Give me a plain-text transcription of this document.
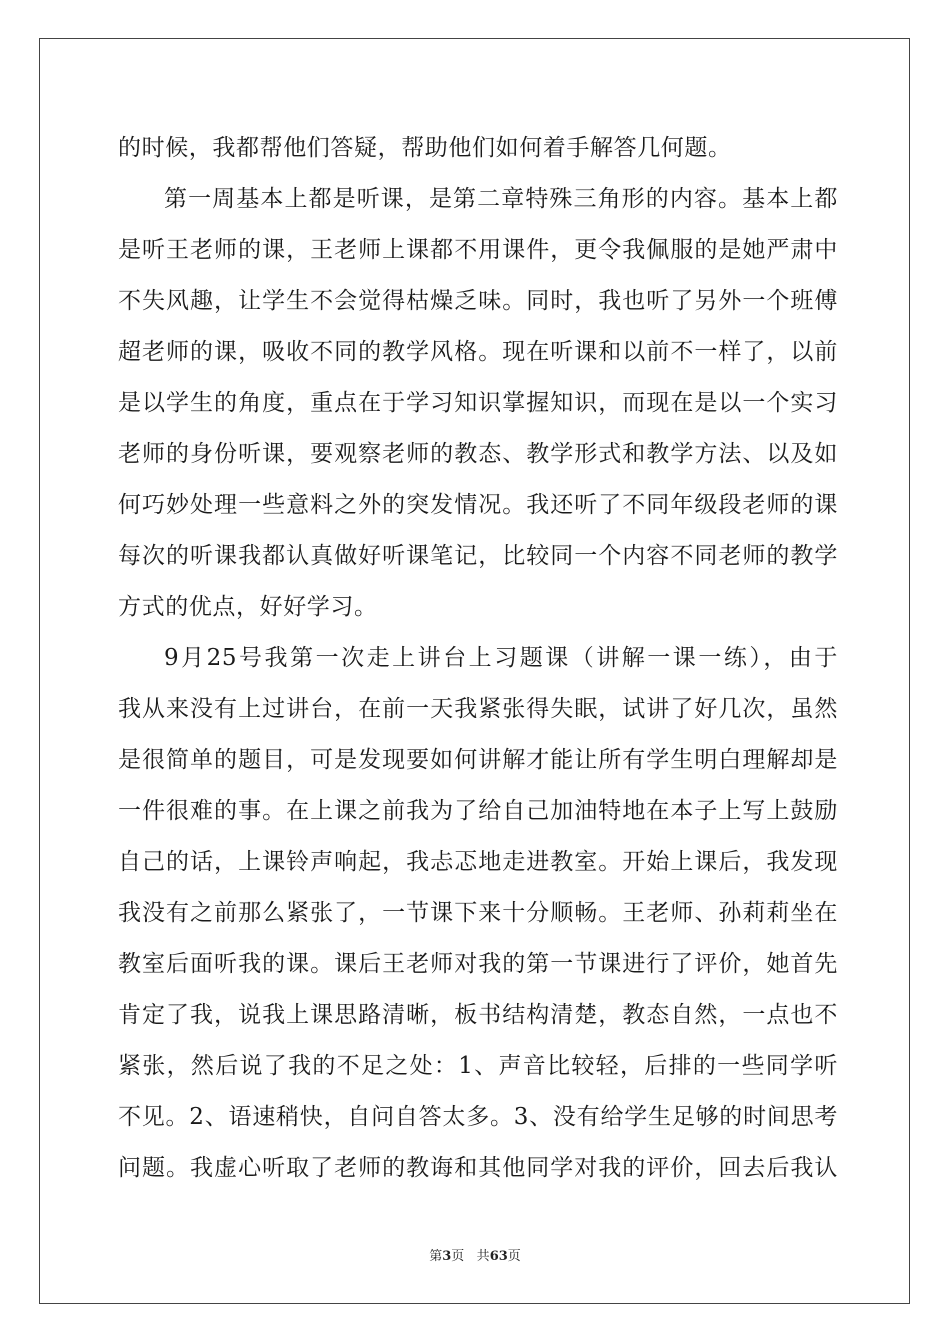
的时候，我都帮他们答疑，帮助他们如何着手解答几何题。
第一周基本上都是听课，是第二章特殊三角形的内容。基本上都
是听王老师的课，王老师上课都不用课件，更令我佩服的是她严肃中
不失风趣，让学生不会觉得枯燥乏味。同时，我也听了另外一个班傅
超老师的课，吸收不同的教学风格。现在听课和以前不一样了，以前
是以学生的角度，重点在于学习知识掌握知识，而现在是以一个实习
老师的身份听课，要观察老师的教态、教学形式和教学方法、以及如
何巧妙处理一些意料之外的突发情况。我还听了不同年级段老师的课
每次的听课我都认真做好听课笔记，比较同一个内容不同老师的教学
方式的优点，好好学习。
9月25号我第一次走上讲台上习题课（讲解一课一练），由于
我从来没有上过讲台，在前一天我紧张得失眠，试讲了好几次，虽然
是很简单的题目，可是发现要如何讲解才能让所有学生明白理解却是
一件很难的事。在上课之前我为了给自己加油特地在本子上写上鼓励
自己的话，上课铃声响起，我忐忑地走进教室。开始上课后，我发现
我没有之前那么紧张了，一节课下来十分顺畅。王老师、孙莉莉坐在
教室后面听我的课。课后王老师对我的第一节课进行了评价，她首先
肯定了我，说我上课思路清晰，板书结构清楚，教态自然，一点也不
紧张，然后说了我的不足之处：1、声音比较轻，后排的一些同学听
不见。2、语速稍快，自问自答太多。3、没有给学生足够的时间思考
问题。我虚心听取了老师的教诲和其他同学对我的评价，回去后我认
第3页 共63页
